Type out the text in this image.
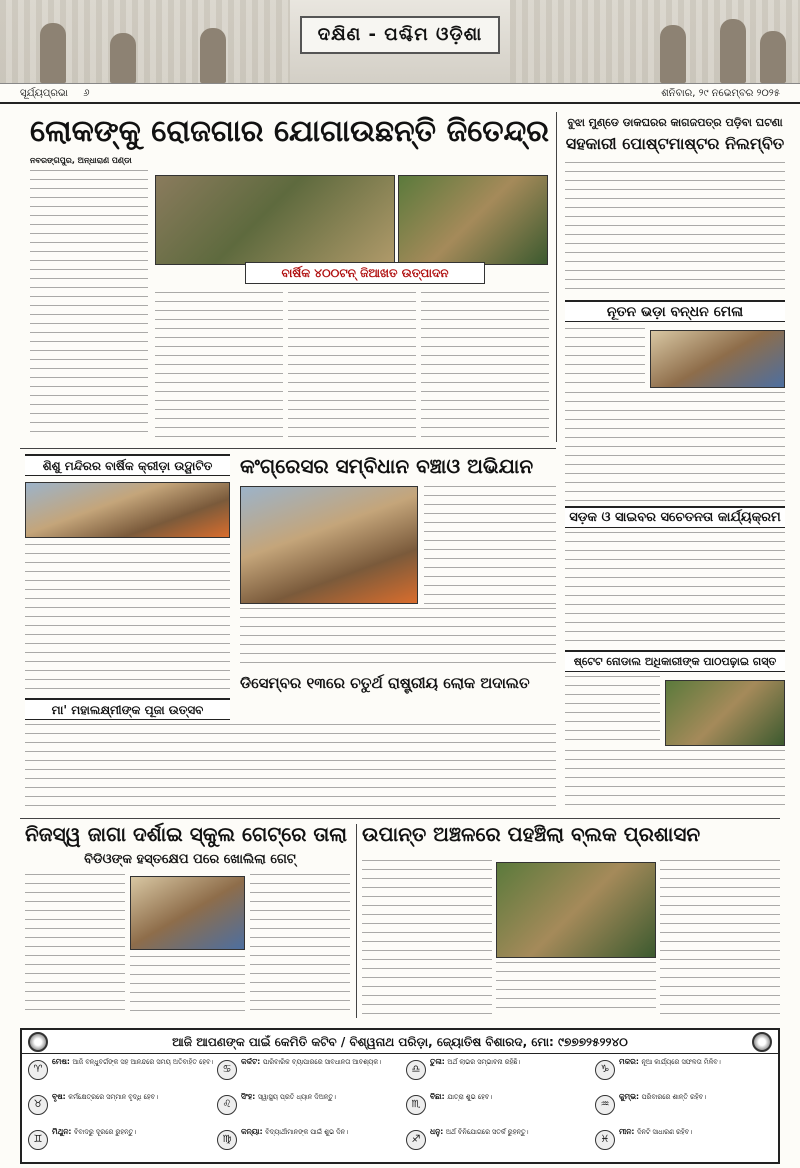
ଦକ୍ଷିଣ - ପଶ୍ଚିମ ଓଡ଼ିଶା
ସୂର୍ଯ୍ୟପ୍ରଭା ୬	ଶନିବାର, ୨୯ ନଭେମ୍ବର ୨୦୨୫
ଲୋକଙ୍କୁ ରୋଜଗାର ଯୋଗାଉଛନ୍ତି ଜିତେନ୍ଦ୍ର
ନବରଙ୍ଗପୁର, ଅନ୍ଧାରାଣ ପଣ୍ଡା
ବାର୍ଷିକ ୪୦୦ଟନ୍ ଜିଆଖତ ଉତ୍ପାଦନ
ବୁଝା ମୁଣ୍ଡେ ଡାକଘରର କାଗଜପତ୍ର ପଡ଼ିବା ଘଟଣା
ସହକାରୀ ପୋଷ୍ଟମାଷ୍ଟର ନିଲମ୍ବିତ
ନୂତନ ଭଡ଼ା ବନ୍ଧନ ମେଳା
ସଡ଼କ ଓ ସାଇବର ସଚେତନତା କାର୍ଯ୍ୟକ୍ରମ
ଷ୍ଟେଟ ନୋଡାଲ ଅଧିକାରୀଙ୍କ ପାଠପଢ଼ାଇ ଗସ୍ତ
ଶିଶୁ ମନ୍ଦିରର ବାର୍ଷିକ କ୍ରୀଡ଼ା ଉଦ୍ଘାଟିତ
ମା' ମହାଲକ୍ଷ୍ମୀଙ୍କ ପୂଜା ଉତ୍ସବ
କଂଗ୍ରେସର ସମ୍ବିଧାନ ବଞ୍ଚାଓ ଅଭିଯାନ
ଡିସେମ୍ବର ୧୩ରେ ଚତୁର୍ଥ ରାଷ୍ଟ୍ରୀୟ ଲୋକ ଅଦାଲତ
ନିଜସ୍ୱ ଜାଗା ଦର୍ଶାଇ ସ୍କୁଲ ଗେଟ୍‌ରେ ତାଲା
ବିଡିଓଙ୍କ ହସ୍ତକ୍ଷେପ ପରେ ଖୋଲିଲା ଗେଟ୍
ଉପାନ୍ତ ଅଞ୍ଚଳରେ ପହଞ୍ଚିଲା ବ୍ଲକ ପ୍ରଶାସନ
ଆଜି ଆପଣଙ୍କ ପାଇଁ କେମିତି କଟିବ / ବିଶ୍ୱନାଥ ପରିଡ଼ା, ଜ୍ୟୋତିଷ ବିଶାରଦ, ମୋ: ୯୭୭୭୨୫୨୨୪୦
♈
ମେଷ: ଆଜି ବନ୍ଧୁବର୍ଗଙ୍କ ସହ ଆନନ୍ଦରେ ସମୟ ଅତିବାହିତ ହେବ।
♋
କର୍କଟ: ପାରିବାରିକ ବ୍ୟାପାରରେ ସାବଧାନତା ଆବଶ୍ୟକ।
♎
ତୁଳା: ଅର୍ଥ ଲାଭର ସମ୍ଭାବନା ରହିଛି।
♑
ମକର: ନୂଆ କାର୍ଯ୍ୟରେ ସଫଳତା ମିଳିବ।
♉
ବୃଷ: କର୍ମକ୍ଷେତ୍ରରେ ସମ୍ମାନ ବୃଦ୍ଧି ହେବ।
♌
ସିଂହ: ସ୍ୱାସ୍ଥ୍ୟ ପ୍ରତି ଧ୍ୟାନ ଦିଅନ୍ତୁ।
♏
ବିଛା: ଯାତ୍ରା ଶୁଭ ହେବ।
♒
କୁମ୍ଭ: ପରିବାରରେ ଶାନ୍ତି ରହିବ।
♊
ମିଥୁନ: ବିବାଦରୁ ଦୂରରେ ରୁହନ୍ତୁ।
♍
କନ୍ୟା: ବିଦ୍ୟାର୍ଥୀମାନଙ୍କ ପାଇଁ ଶୁଭ ଦିନ।
♐
ଧନୁ: ଅର୍ଥ ବିନିଯୋଗରେ ସତର୍କ ରୁହନ୍ତୁ।
♓
ମୀନ: ଦିନଟି ସାଧାରଣ ରହିବ।
